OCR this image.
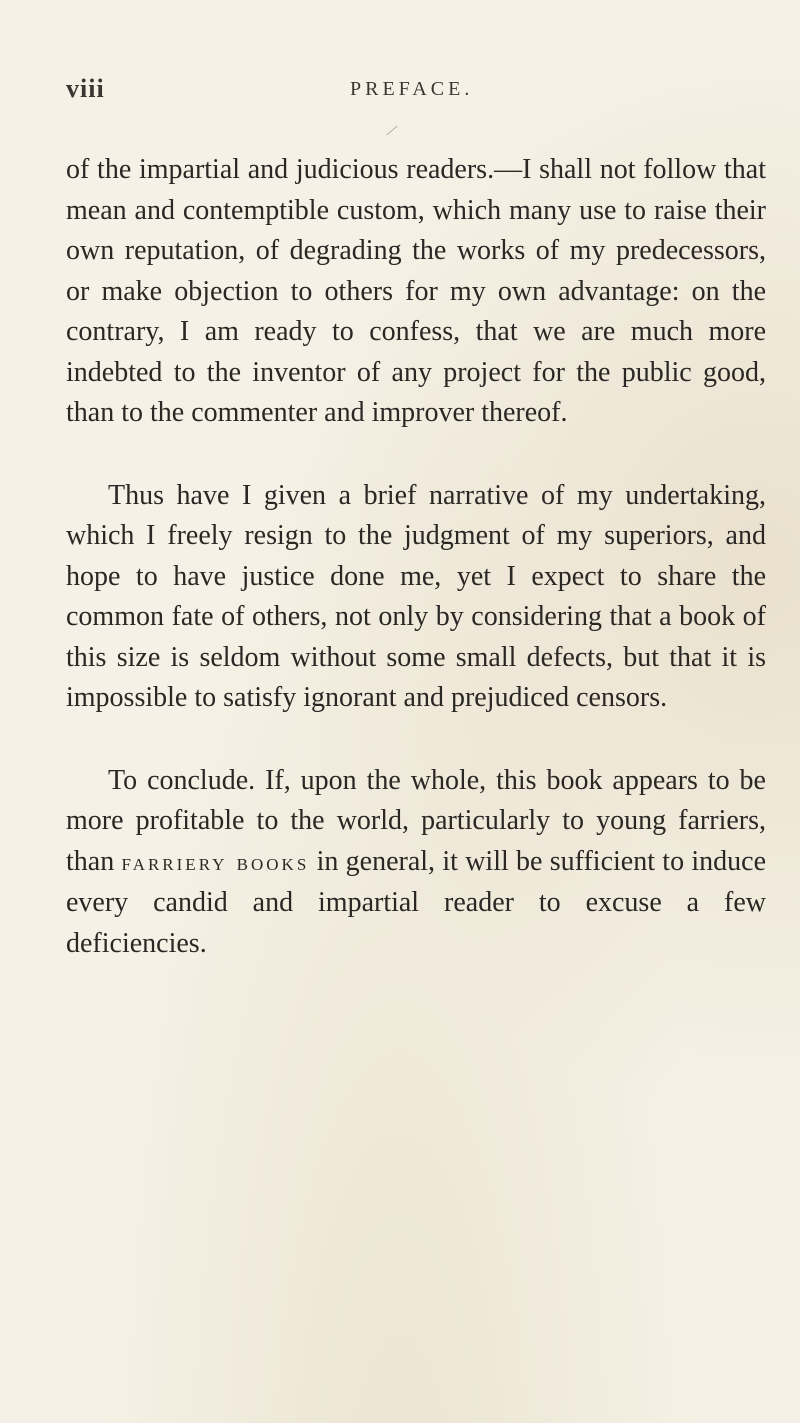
viii	PREFACE.

of the impartial and judicious readers.—I shall not follow that mean and contemptible custom, which many use to raise their own reputation, of degrading the works of my predecessors, or make objection to others for my own advantage: on the contrary, I am ready to confess, that we are much more indebted to the inventor of any project for the public good, than to the commenter and improver thereof.

Thus have I given a brief narrative of my undertaking, which I freely resign to the judgment of my superiors, and hope to have justice done me, yet I expect to share the common fate of others, not only by considering that a book of this size is seldom without some small defects, but that it is impossible to satisfy ignorant and prejudiced censors.

To conclude. If, upon the whole, this book appears to be more profitable to the world, particularly to young farriers, than farriery books in general, it will be sufficient to induce every candid and impartial reader to excuse a few deficiencies.
